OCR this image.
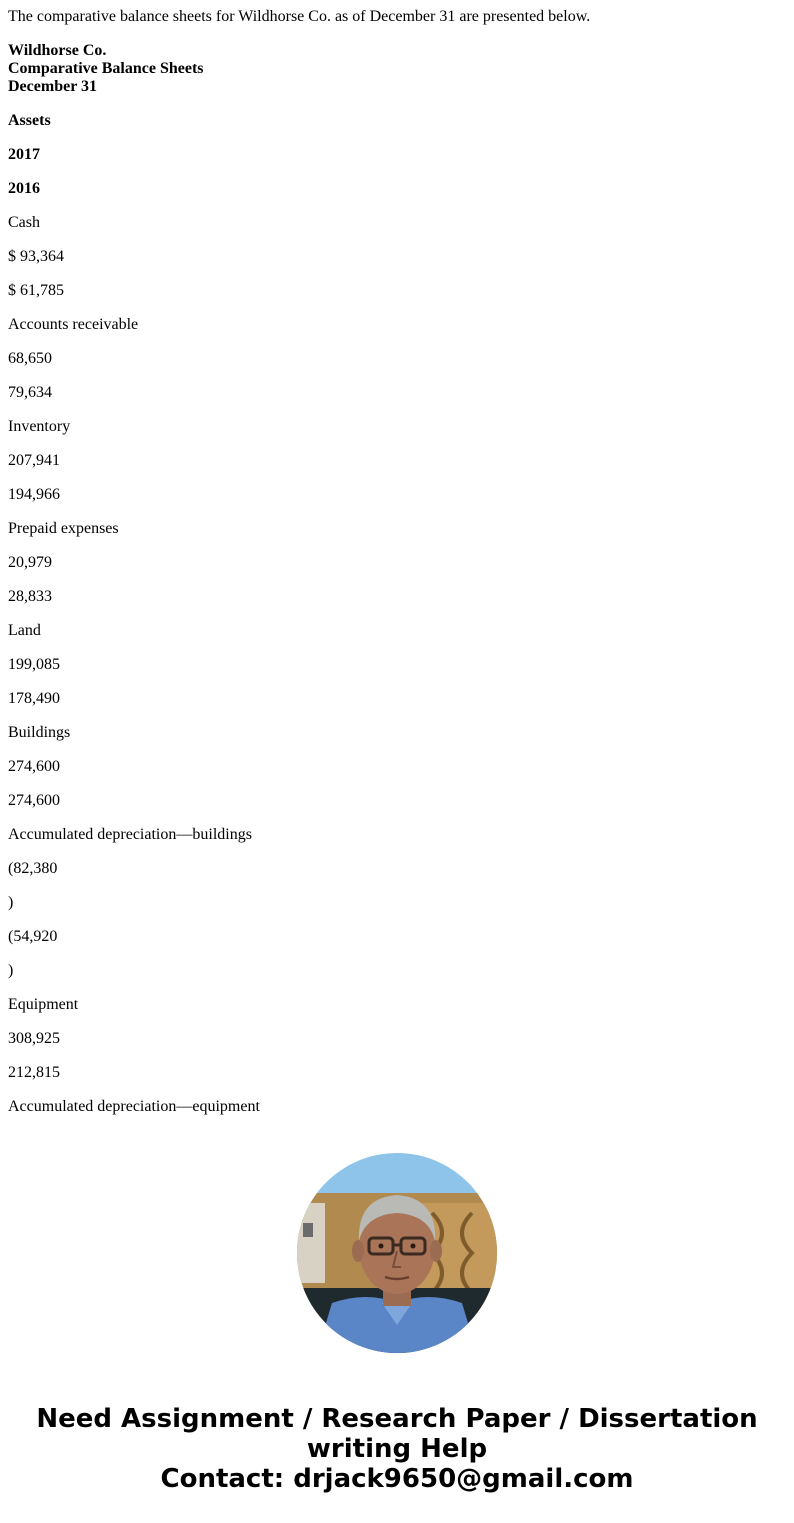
The comparative balance sheets for Wildhorse Co. as of December 31 are presented below.

Wildhorse Co.
Comparative Balance Sheets
December 31

Assets

2017

2016

Cash

$ 93,364

$ 61,785

Accounts receivable

68,650

79,634

Inventory

207,941

194,966

Prepaid expenses

20,979

28,833

Land

199,085

178,490

Buildings

274,600

274,600

Accumulated depreciation—buildings

(82,380

)

(54,920

)

Equipment

308,925

212,815

Accumulated depreciation—equipment

Need Assignment / Research Paper / Dissertation
writing Help
Contact: drjack9650@gmail.com
